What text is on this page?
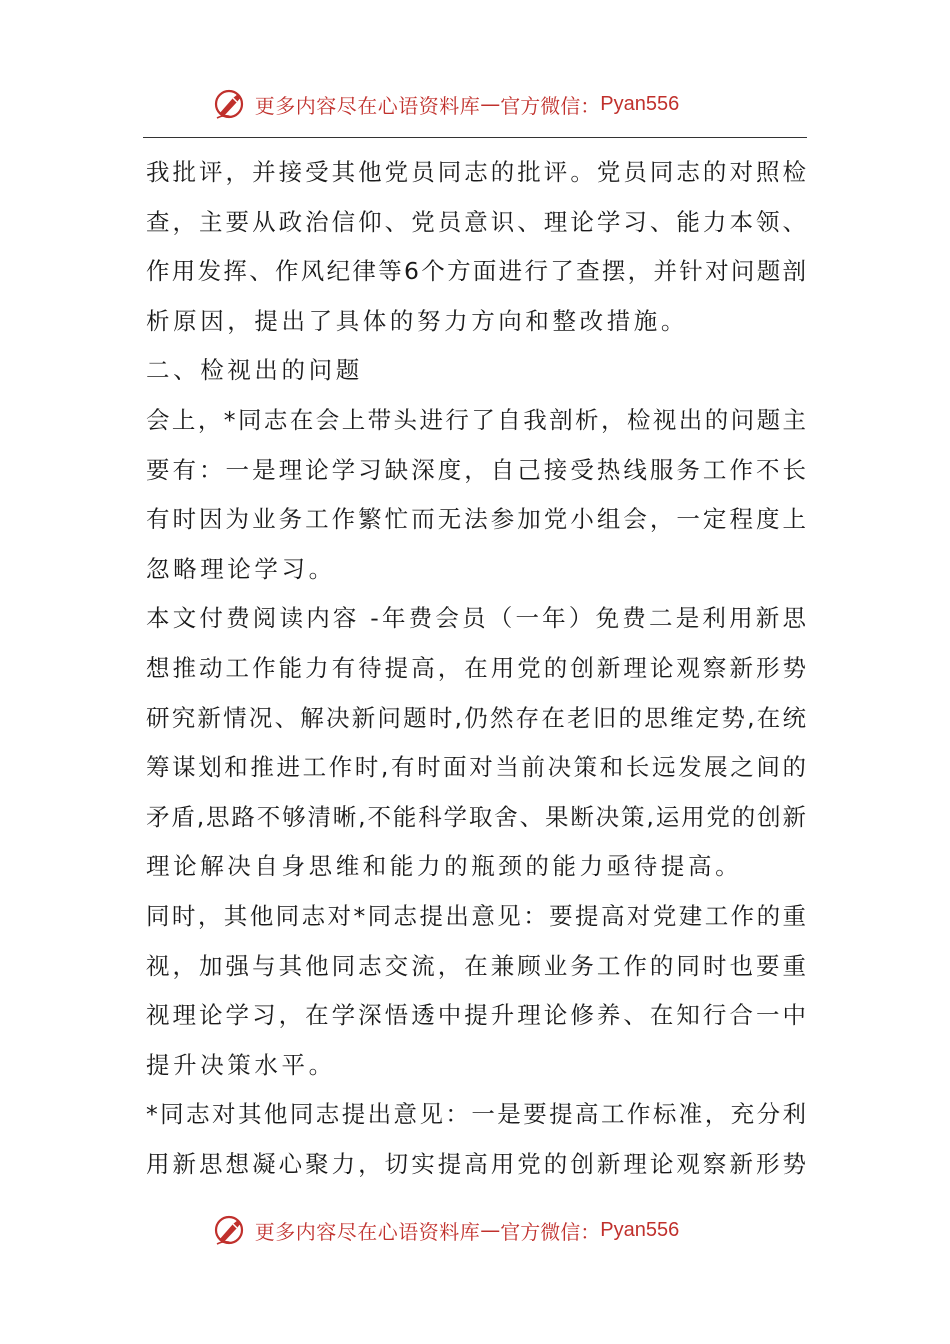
更多内容尽在心语资料库 — 官方微信： Pyan556
我批评，并接受其他党员同志的批评。党员同志的对照检
查，主要从政治信仰、党员意识、理论学习、能力本领、
作用发挥、作风纪律等6个方面进行了查摆，并针对问题剖
析原因，提出了具体的努力方向和整改措施。
二、检视出的问题
会上，*同志在会上带头进行了自我剖析，检视出的问题主
要有：一是理论学习缺深度，自己接受热线服务工作不长
有时因为业务工作繁忙而无法参加党小组会，一定程度上
忽略理论学习。
本文付费阅读内容 -年费会员（一年）免费二是利用新思
想推动工作能力有待提高，在用党的创新理论观察新形势
研究新情况、解决新问题时,仍然存在老旧的思维定势,在统
筹谋划和推进工作时,有时面对当前决策和长远发展之间的
矛盾,思路不够清晰,不能科学取舍、果断决策,运用党的创新
理论解决自身思维和能力的瓶颈的能力亟待提高。
同时，其他同志对*同志提出意见：要提高对党建工作的重
视，加强与其他同志交流，在兼顾业务工作的同时也要重
视理论学习，在学深悟透中提升理论修养、在知行合一中
提升决策水平。
*同志对其他同志提出意见：一是要提高工作标准，充分利
用新思想凝心聚力，切实提高用党的创新理论观察新形势
更多内容尽在心语资料库 — 官方微信： Pyan556
